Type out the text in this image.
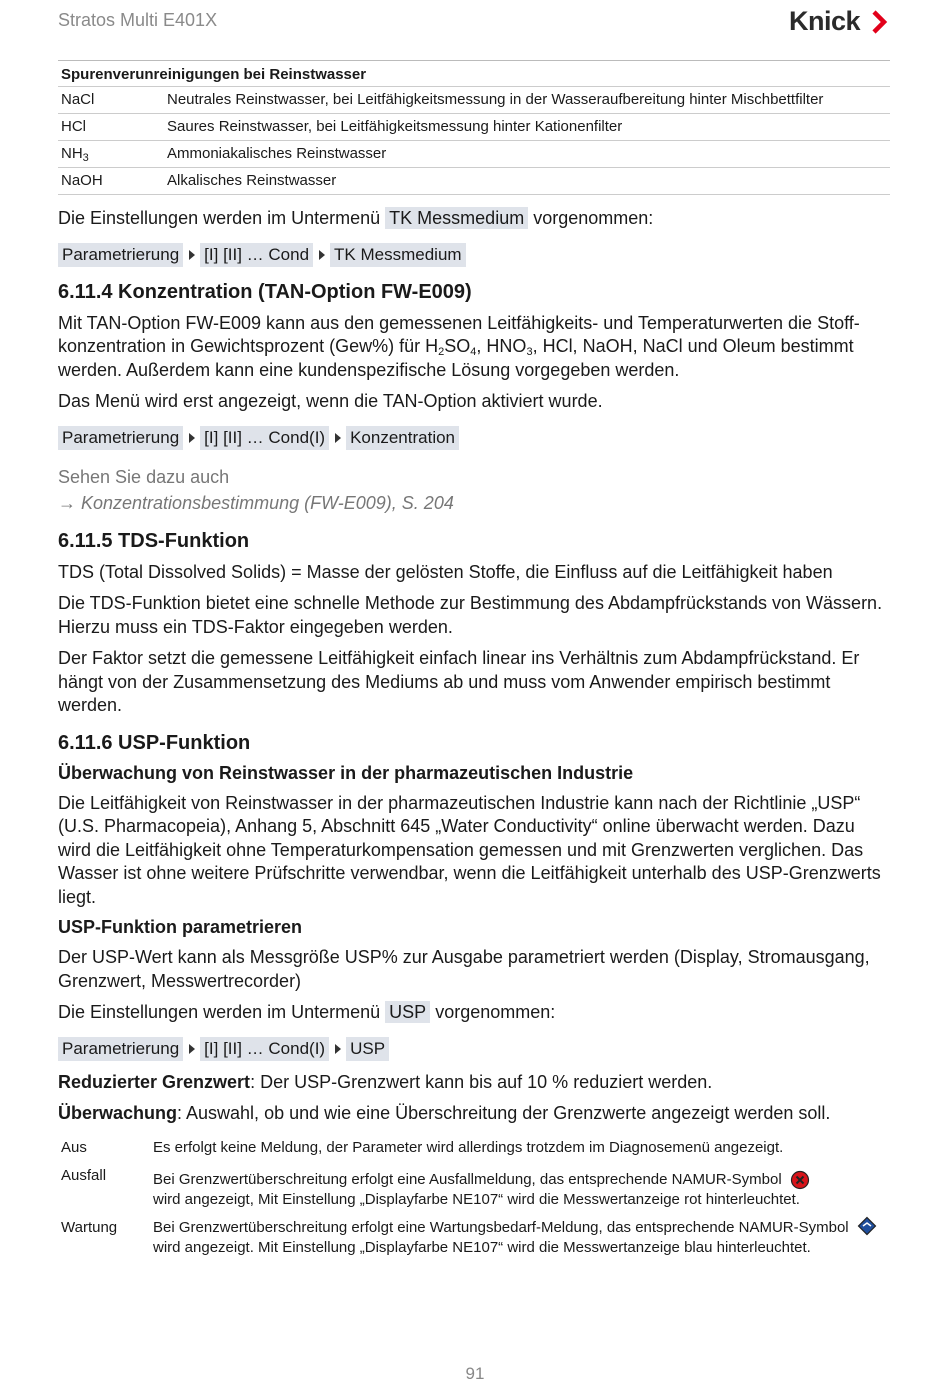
Stratos Multi E401X	Knick
Spurenverunreinigungen bei Reinstwasser	
NaCl	Neutrales Reinstwasser, bei Leitfähigkeitsmessung in der Wasseraufbereitung hinter Mischbettfilter
HCl	Saures Reinstwasser, bei Leitfähigkeitsmessung hinter Kationenfilter
$NH_3$	Ammoniakalisches Reinstwasser
NaOH	Alkalisches Reinstwasser

Die Einstellungen werden im Untermenü TK Messmedium vorgenommen:

Parametrierung [I] [II] … Cond TK Messmedium
6.11.4 Konzentration (TAN-Option FW-E009)

Mit TAN-Option FW-E009 kann aus den gemessenen Leitfähigkeits- und Temperaturwerten die Stoff-konzentration in Gewichtsprozent (Gew%) für $H_2SO_4$, $HNO_3$, HCl, NaOH, NaCl und Oleum bestimmt werden. Außerdem kann eine kundenspezifische Lösung vorgegeben werden.

Das Menü wird erst angezeigt, wenn die TAN-Option aktiviert wurde.

Parametrierung [I] [II] … Cond(I) Konzentration
Sehen Sie dazu auch
→ Konzentrationsbestimmung (FW-E009), S. 204
6.11.5 TDS-Funktion

TDS (Total Dissolved Solids) = Masse der gelösten Stoffe, die Einfluss auf die Leitfähigkeit haben

Die TDS-Funktion bietet eine schnelle Methode zur Bestimmung des Abdampfrückstands von Wässern. Hierzu muss ein TDS-Faktor eingegeben werden.

Der Faktor setzt die gemessene Leitfähigkeit einfach linear ins Verhältnis zum Abdampfrückstand. Er hängt von der Zusammensetzung des Mediums ab und muss vom Anwender empirisch bestimmt werden.

6.11.6 USP-Funktion
Überwachung von Reinstwasser in der pharmazeutischen Industrie

Die Leitfähigkeit von Reinstwasser in der pharmazeutischen Industrie kann nach der Richtlinie „USP“ (U.S. Pharmacopeia), Anhang 5, Abschnitt 645 „Water Conductivity“ online überwacht werden. Dazu wird die Leitfähigkeit ohne Temperaturkompensation gemessen und mit Grenzwerten verglichen. Das Wasser ist ohne weitere Prüfschritte verwendbar, wenn die Leitfähigkeit unterhalb des USP-Grenzwerts liegt.

USP-Funktion parametrieren

Der USP-Wert kann als Messgröße USP% zur Ausgabe parametriert werden (Display, Stromausgang, Grenzwert, Messwertrecorder)

Die Einstellungen werden im Untermenü USP vorgenommen:

Parametrierung [I] [II] … Cond(I) USP

Reduzierter Grenzwert: Der USP-Grenzwert kann bis auf 10 % reduziert werden.

Überwachung: Auswahl, ob und wie eine Überschreitung der Grenzwerte angezeigt werden soll.

Aus	Es erfolgt keine Meldung, der Parameter wird allerdings trotzdem im Diagnosemenü angezeigt.
Ausfall	Bei Grenzwertüberschreitung erfolgt eine Ausfallmeldung, das entsprechende NAMUR-Symbol
wird angezeigt, Mit Einstellung „Displayfarbe NE107“ wird die Messwertanzeige rot hinterleuchtet.
Wartung	Bei Grenzwertüberschreitung erfolgt eine Wartungsbedarf-Meldung, das entsprechende NAMUR-Symbol  wird angezeigt. Mit Einstellung „Displayfarbe NE107“ wird die Messwertanzeige blau hinterleuchtet.
91
